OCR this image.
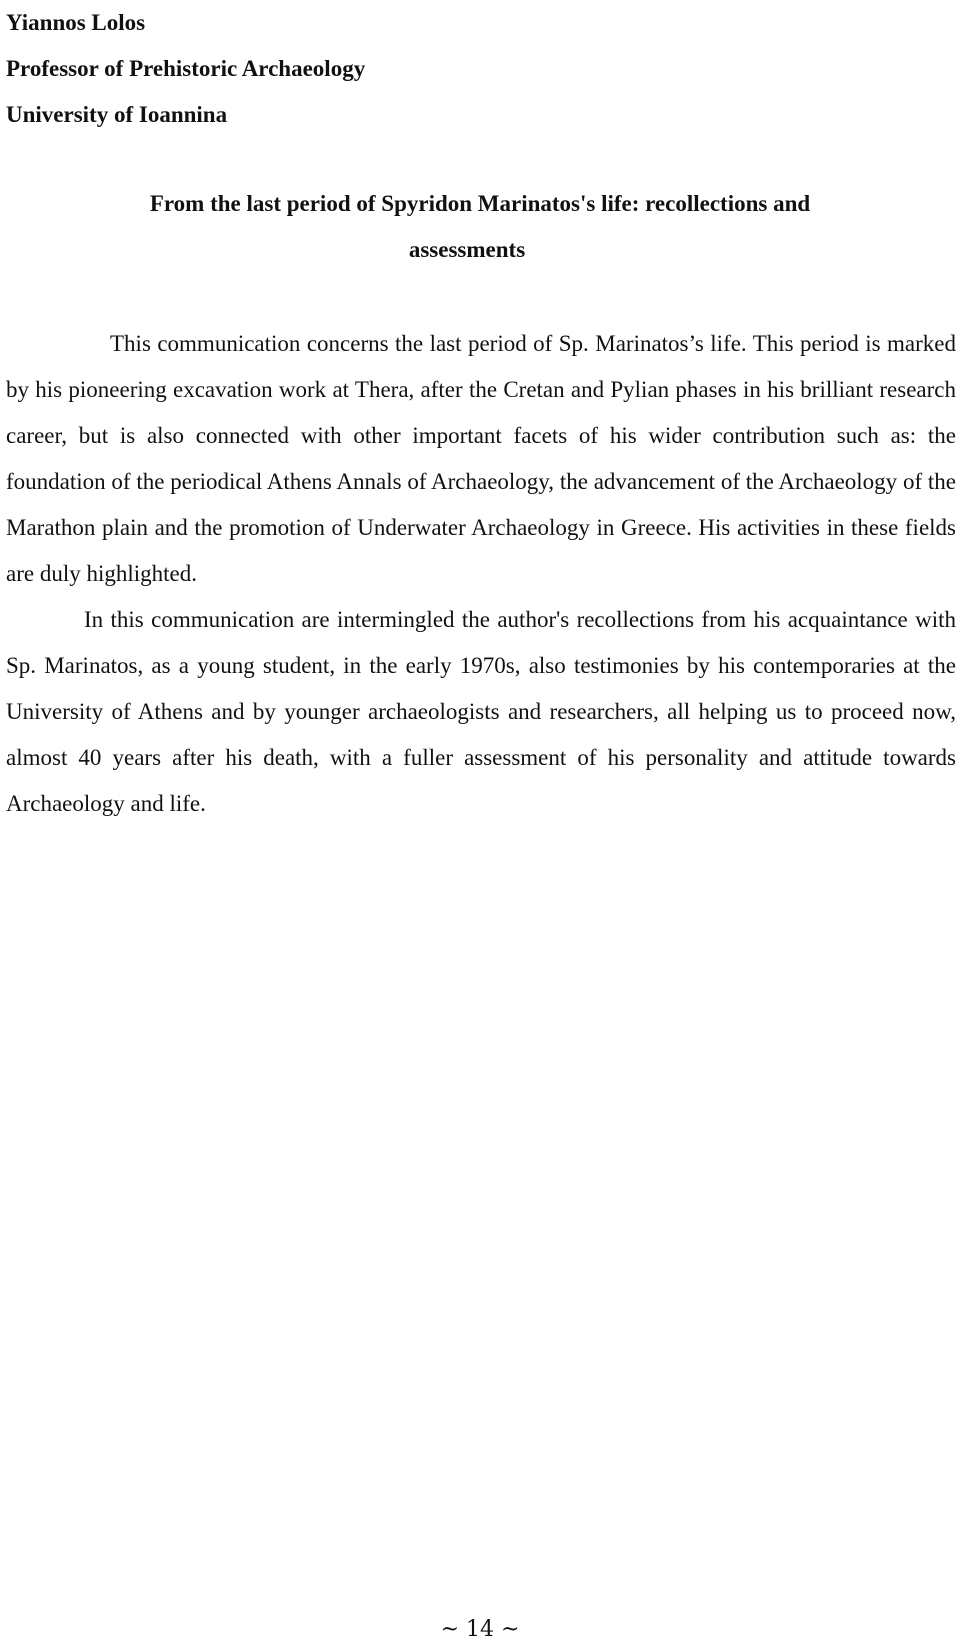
Yiannos Lolos
Professor of Prehistoric Archaeology
University of Ioannina
From the last period of Spyridon Marinatos's life: recollections and
assessments

This communication concerns the last period of Sp. Marinatos’s life. This period is marked by his pioneering excavation work at Thera, after the Cretan and Pylian phases in his brilliant research career, but is also connected with other important facets of his wider contribution such as: the foundation of the periodical Athens Annals of Archaeology, the advancement of the Archaeology of the Marathon plain and the promotion of Underwater Archaeology in Greece. His activities in these fields are duly highlighted.

In this communication are intermingled the author's recollections from his acquaintance with Sp. Marinatos, as a young student, in the early 1970s, also testimonies by his contemporaries at the University of Athens and by younger archaeologists and researchers, all helping us to proceed now, almost 40 years after his death, with a fuller assessment of his personality and attitude towards Archaeology and life.

~ 14 ~
